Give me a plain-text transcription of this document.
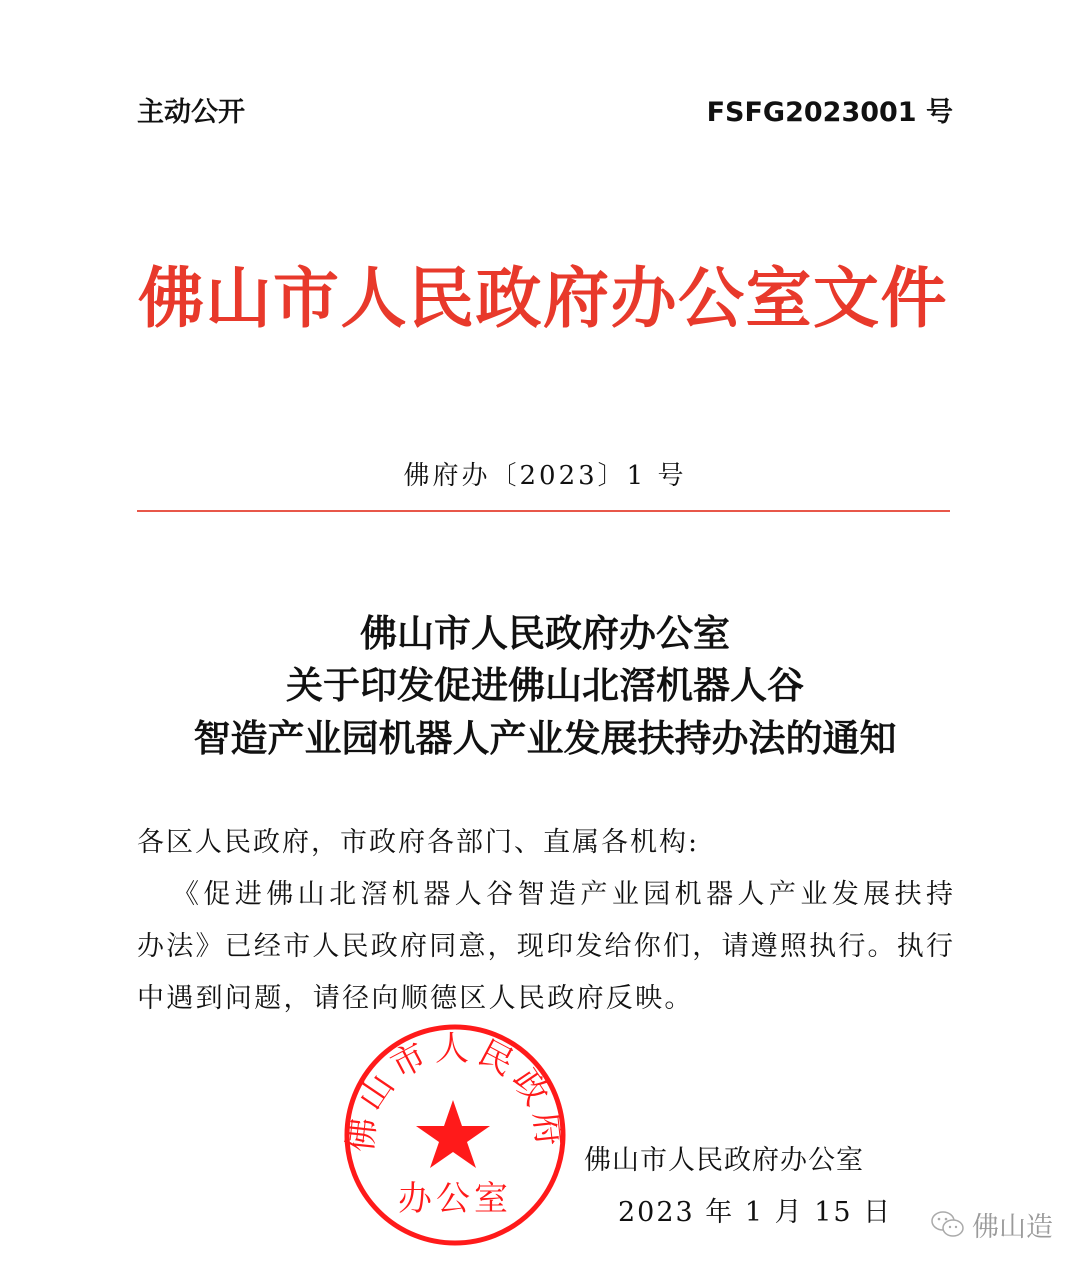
主动公开	FSFG2023001 号
佛山市人民政府办公室文件
佛府办〔2023〕1 号
佛山市人民政府办公室
关于印发促进佛山北滘机器人谷
智造产业园机器人产业发展扶持办法的通知
各区人民政府，市政府各部门、直属各机构:
《促进佛山北滘机器人谷智造产业园机器人产业发展扶持
办法》已经市人民政府同意，现印发给你们，请遵照执行。执行
中遇到问题，请径向顺德区人民政府反映。
佛山市人民政府办公室
2023 年 1 月 15 日
佛山市人民政府
办公室
佛山造
